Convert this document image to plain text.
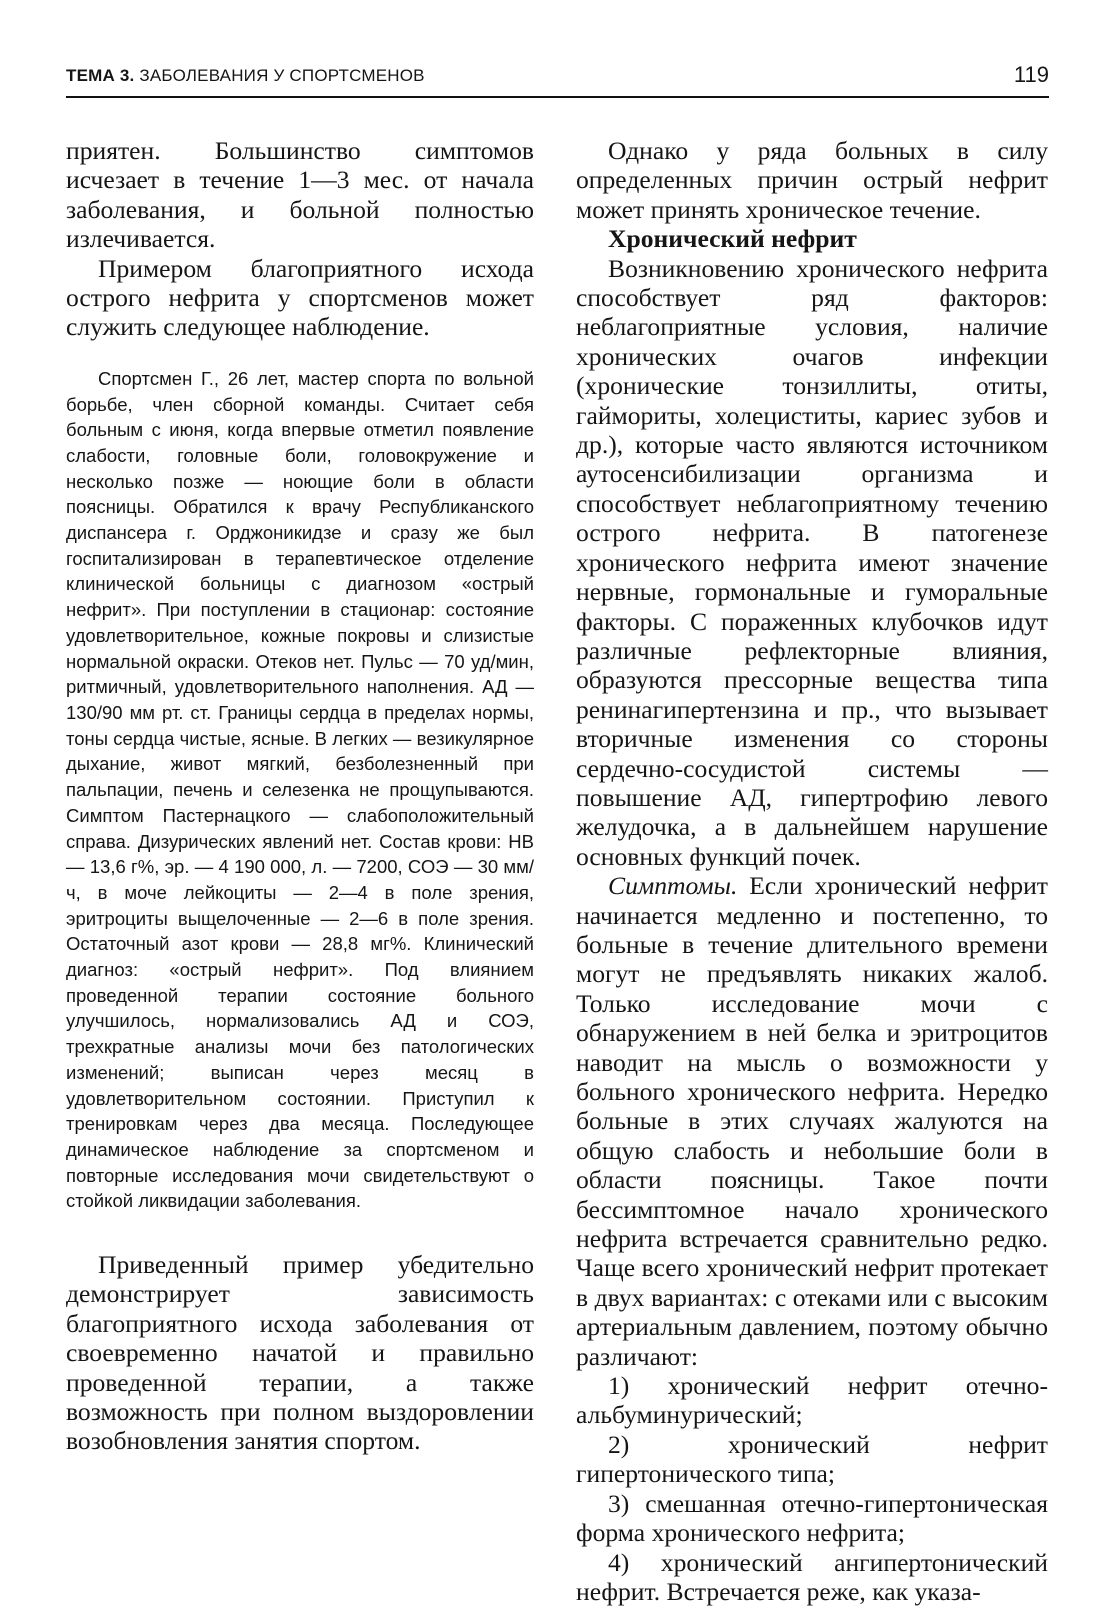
ТЕМА 3. ЗАБОЛЕВАНИЯ У СПОРТСМЕНОВ	119

приятен. Большинство симптомов исчезает в течение 1—3 мес. от начала заболевания, и больной полностью излечивается.

Примером благоприятного исхода острого нефрита у спортсменов может служить следующее наблюдение.

Спортсмен Г., 26 лет, мастер спорта по вольной борьбе, член сборной команды. Считает себя больным с июня, когда впервые отметил появление слабости, головные боли, головокружение и несколько позже — ноющие боли в области поясницы. Обратился к врачу Республиканского диспансера г. Орджоникидзе и сразу же был госпитализирован в терапевтическое отделение клинической больницы с диагнозом «острый нефрит». При поступлении в стационар: состояние удовлетворительное, кожные покровы и слизистые нормальной окраски. Отеков нет. Пульс — 70 уд/мин, ритмичный, удовлетворительного наполнения. АД — 130/90 мм рт. ст. Границы сердца в пределах нормы, тоны сердца чистые, ясные. В легких — везикулярное дыхание, живот мягкий, безболезненный при пальпации, печень и селезенка не прощупываются. Симптом Пастернацкого — слабоположительный справа. Дизурических явлений нет. Состав крови: НВ — 13,6 г%, эр. — 4 190 000, л. — 7200, СОЭ — 30 мм/ч, в моче лейкоциты — 2—4 в поле зрения, эритроциты выщелоченные — 2—6 в поле зрения. Остаточный азот крови — 28,8 мг%. Клинический диагноз: «острый нефрит». Под влиянием проведенной терапии состояние больного улучшилось, нормализовались АД и СОЭ, трехкратные анализы мочи без патологических изменений; выписан через месяц в удовлетворительном состоянии. Приступил к тренировкам через два месяца. Последующее динамическое наблюдение за спортсменом и повторные исследования мочи свидетельствуют о стойкой ликвидации заболевания.

Приведенный пример убедительно демонстрирует зависимость благоприятного исхода заболевания от своевременно начатой и правильно проведенной терапии, а также возможность при полном выздоровлении возобновления занятия спортом.

Однако у ряда больных в силу определенных причин острый нефрит может принять хроническое течение.

Хронический нефрит

Возникновению хронического нефрита способствует ряд факторов: неблагоприятные условия, наличие хронических очагов инфекции (хронические тонзиллиты, отиты, гаймориты, холециститы, кариес зубов и др.), которые часто являются источником аутосенсибилизации организма и способствует неблагоприятному течению острого нефрита. В патогенезе хронического нефрита имеют значение нервные, гормональные и гуморальные факторы. С пораженных клубочков идут различные рефлекторные влияния, образуются прессорные вещества типа ренинагипертензина и пр., что вызывает вторичные изменения со стороны сердечно-сосудистой системы — повышение АД, гипертрофию левого желудочка, а в дальнейшем нарушение основных функций почек.

Симптомы. Если хронический нефрит начинается медленно и постепенно, то больные в течение длительного времени могут не предъявлять никаких жалоб. Только исследование мочи с обнаружением в ней белка и эритроцитов наводит на мысль о возможности у больного хронического нефрита. Нередко больные в этих случаях жалуются на общую слабость и небольшие боли в области поясницы. Такое почти бессимптомное начало хронического нефрита встречается сравнительно редко. Чаще всего хронический нефрит протекает в двух вариантах: с отеками или с высоким артериальным давлением, поэтому обычно различают:

1) хронический нефрит отечно-альбуминурический;

2) хронический нефрит гипертонического типа;

3) смешанная отечно-гипертоническая форма хронического нефрита;

4) хронический ангипертонический нефрит. Встречается реже, как указа-
